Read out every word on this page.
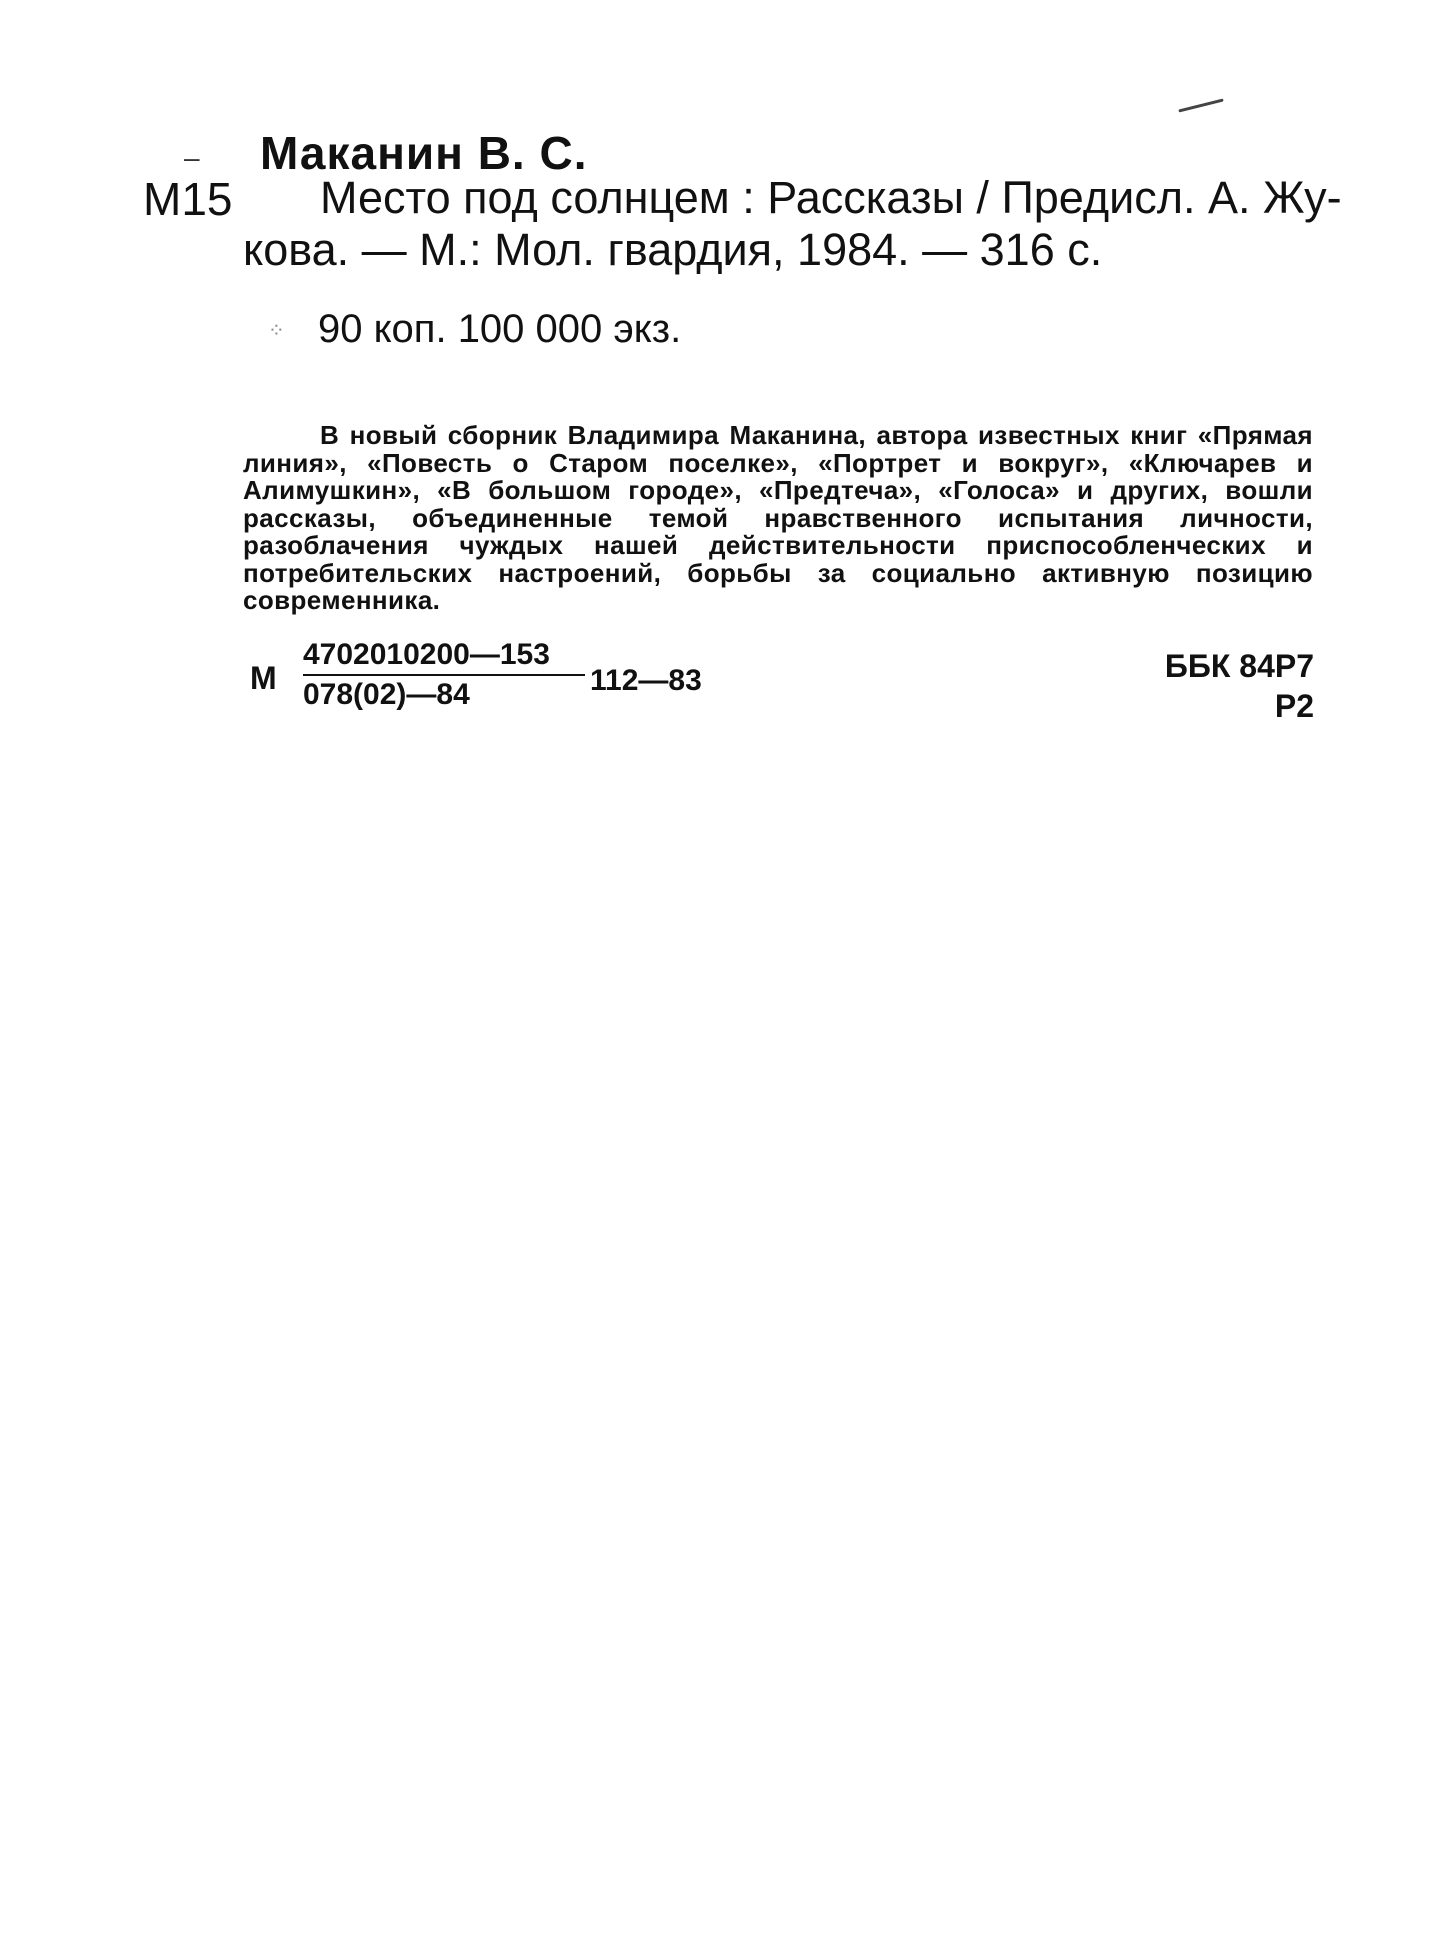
– Маканин В. С.
М15	Место под солнцем : Рассказы / Предисл. А. Жу-
кова. — М.: Мол. гвардия, 1984. — 316 с.
⁘ 90 коп. 100 000 экз.

В новый сборник Владимира Маканина, автора известных книг «Прямая линия», «Повесть о Старом поселке», «Портрет и вокруг», «Ключарев и Алимушкин», «В большом городе», «Предтеча», «Голоса» и других, вошли рассказы, объединенные темой нравственного испытания личности, разоблачения чуждых нашей действительности приспособленческих и потребительских настроений, борьбы за социально активную позицию современника.

М $\frac{4702010200—153}{078(02)—84}$ 112—83	ББК 84Р7
Р2
